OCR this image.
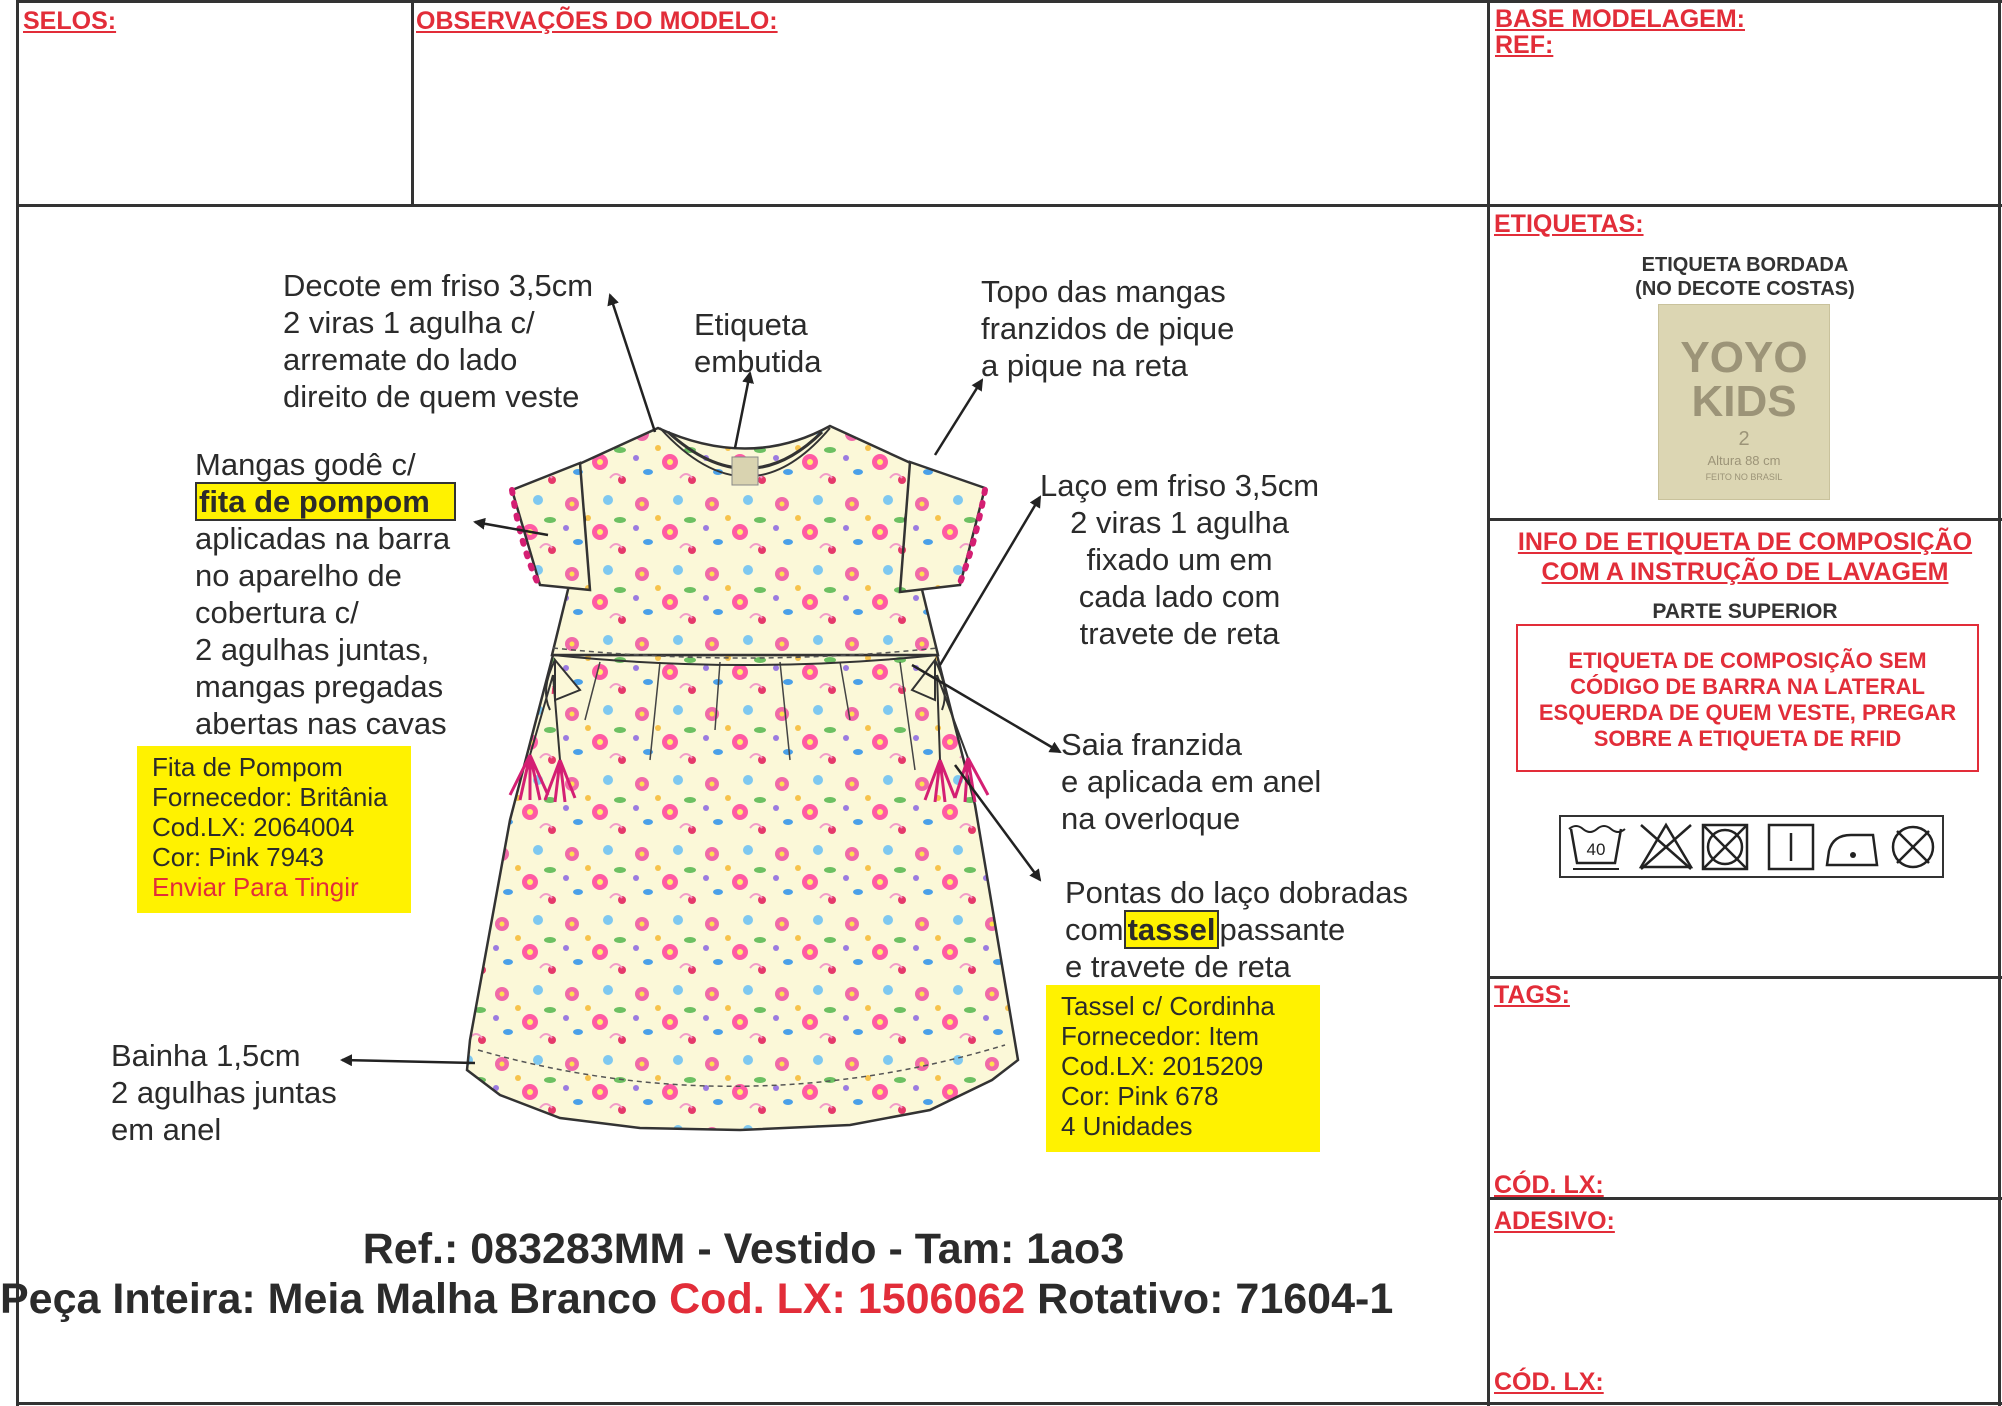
SELOS:	OBSERVAÇÕES DO MODELO:	BASE MODELAGEM:
REF:
Decote em friso 3,5cm
2 viras 1 agulha c/
arremate do lado
direito de quem veste
Etiqueta
embutida
Topo das mangas
franzidos de pique
a pique na reta
Mangas godê c/
fita de pompom
aplicadas na barra
no aparelho de
cobertura c/
2 agulhas juntas,
mangas pregadas
abertas nas cavas
Laço em friso 3,5cm
2 viras 1 agulha
fixado um em
cada lado com
travete de reta
Saia franzida
e aplicada em anel
na overloque
Pontas do laço dobradas
com tassel passante
e travete de reta
Bainha 1,5cm
2 agulhas juntas
em anel
Fita de Pompom
Fornecedor: Britânia
Cod.LX: 2064004
Cor: Pink 7943
Enviar Para Tingir
Tassel c/ Cordinha
Fornecedor: Item
Cod.LX: 2015209
Cor: Pink 678
4 Unidades
Ref.: 083283MM - Vestido - Tam: 1ao3
Peça Inteira: Meia Malha Branco Cod. LX: 1506062 Rotativo: 71604-1
ETIQUETAS:
ETIQUETA BORDADA
(NO DECOTE COSTAS)
YOYO
KIDS
2
Altura 88 cm
FEITO NO BRASIL
INFO DE ETIQUETA DE COMPOSIÇÃO
COM A INSTRUÇÃO DE LAVAGEM
PARTE SUPERIOR
ETIQUETA DE COMPOSIÇÃO SEM
CÓDIGO DE BARRA NA LATERAL
ESQUERDA DE QUEM VESTE, PREGAR
SOBRE A ETIQUETA DE RFID
40
TAGS:
CÓD. LX:
ADESIVO:
CÓD. LX:
